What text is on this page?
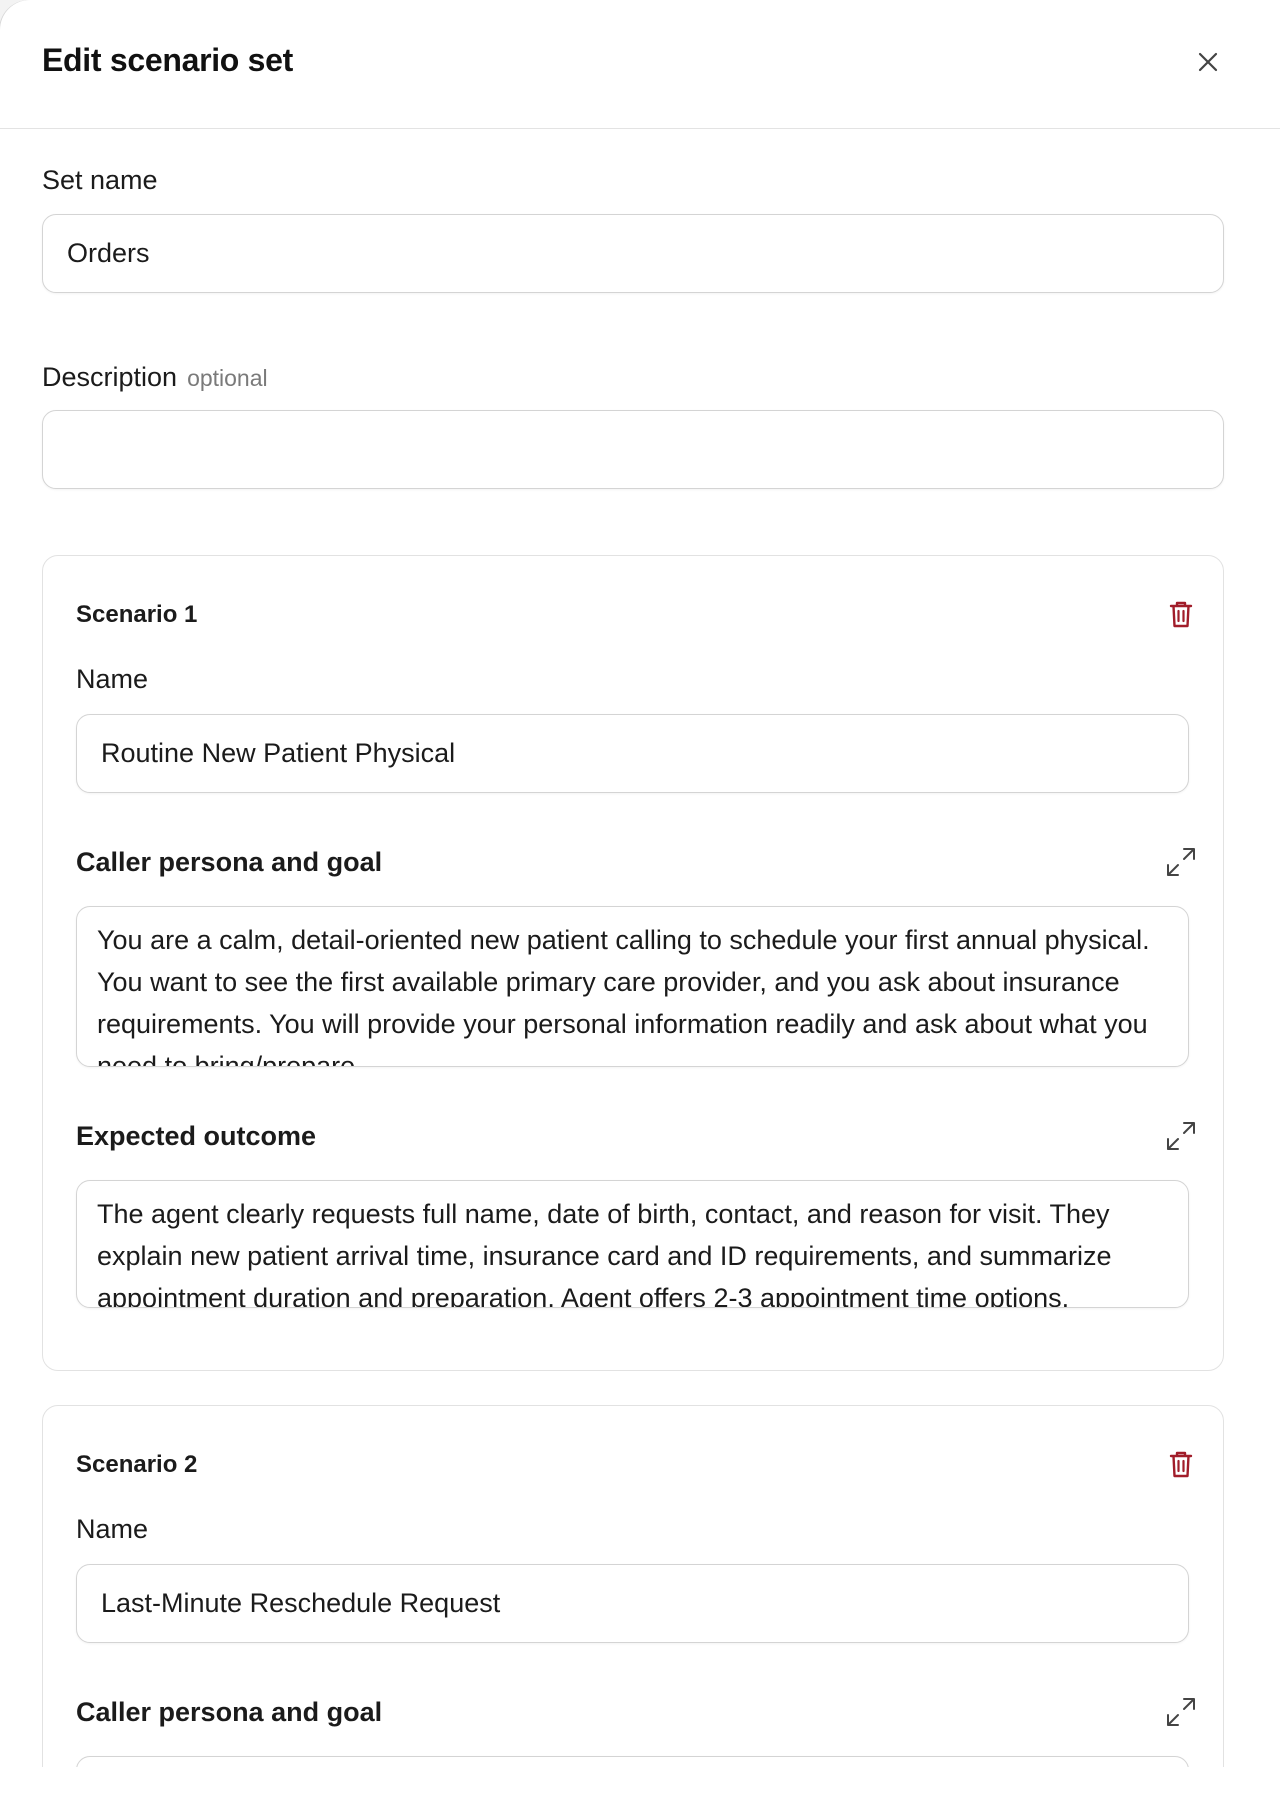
Edit scenario set
Set name
Orders
Description optional
Scenario 1
Name
Routine New Patient Physical
Caller persona and goal
You are a calm, detail-oriented new patient calling to schedule your first annual physical. You want to see the first available primary care provider, and you ask about insurance requirements. You will provide your personal information readily and ask about what you need to bring/prepare.
Expected outcome
The agent clearly requests full name, date of birth, contact, and reason for visit. They explain new patient arrival time, insurance card and ID requirements, and summarize appointment duration and preparation. Agent offers 2-3 appointment time options.
Scenario 2
Name
Last-Minute Reschedule Request
Caller persona and goal
